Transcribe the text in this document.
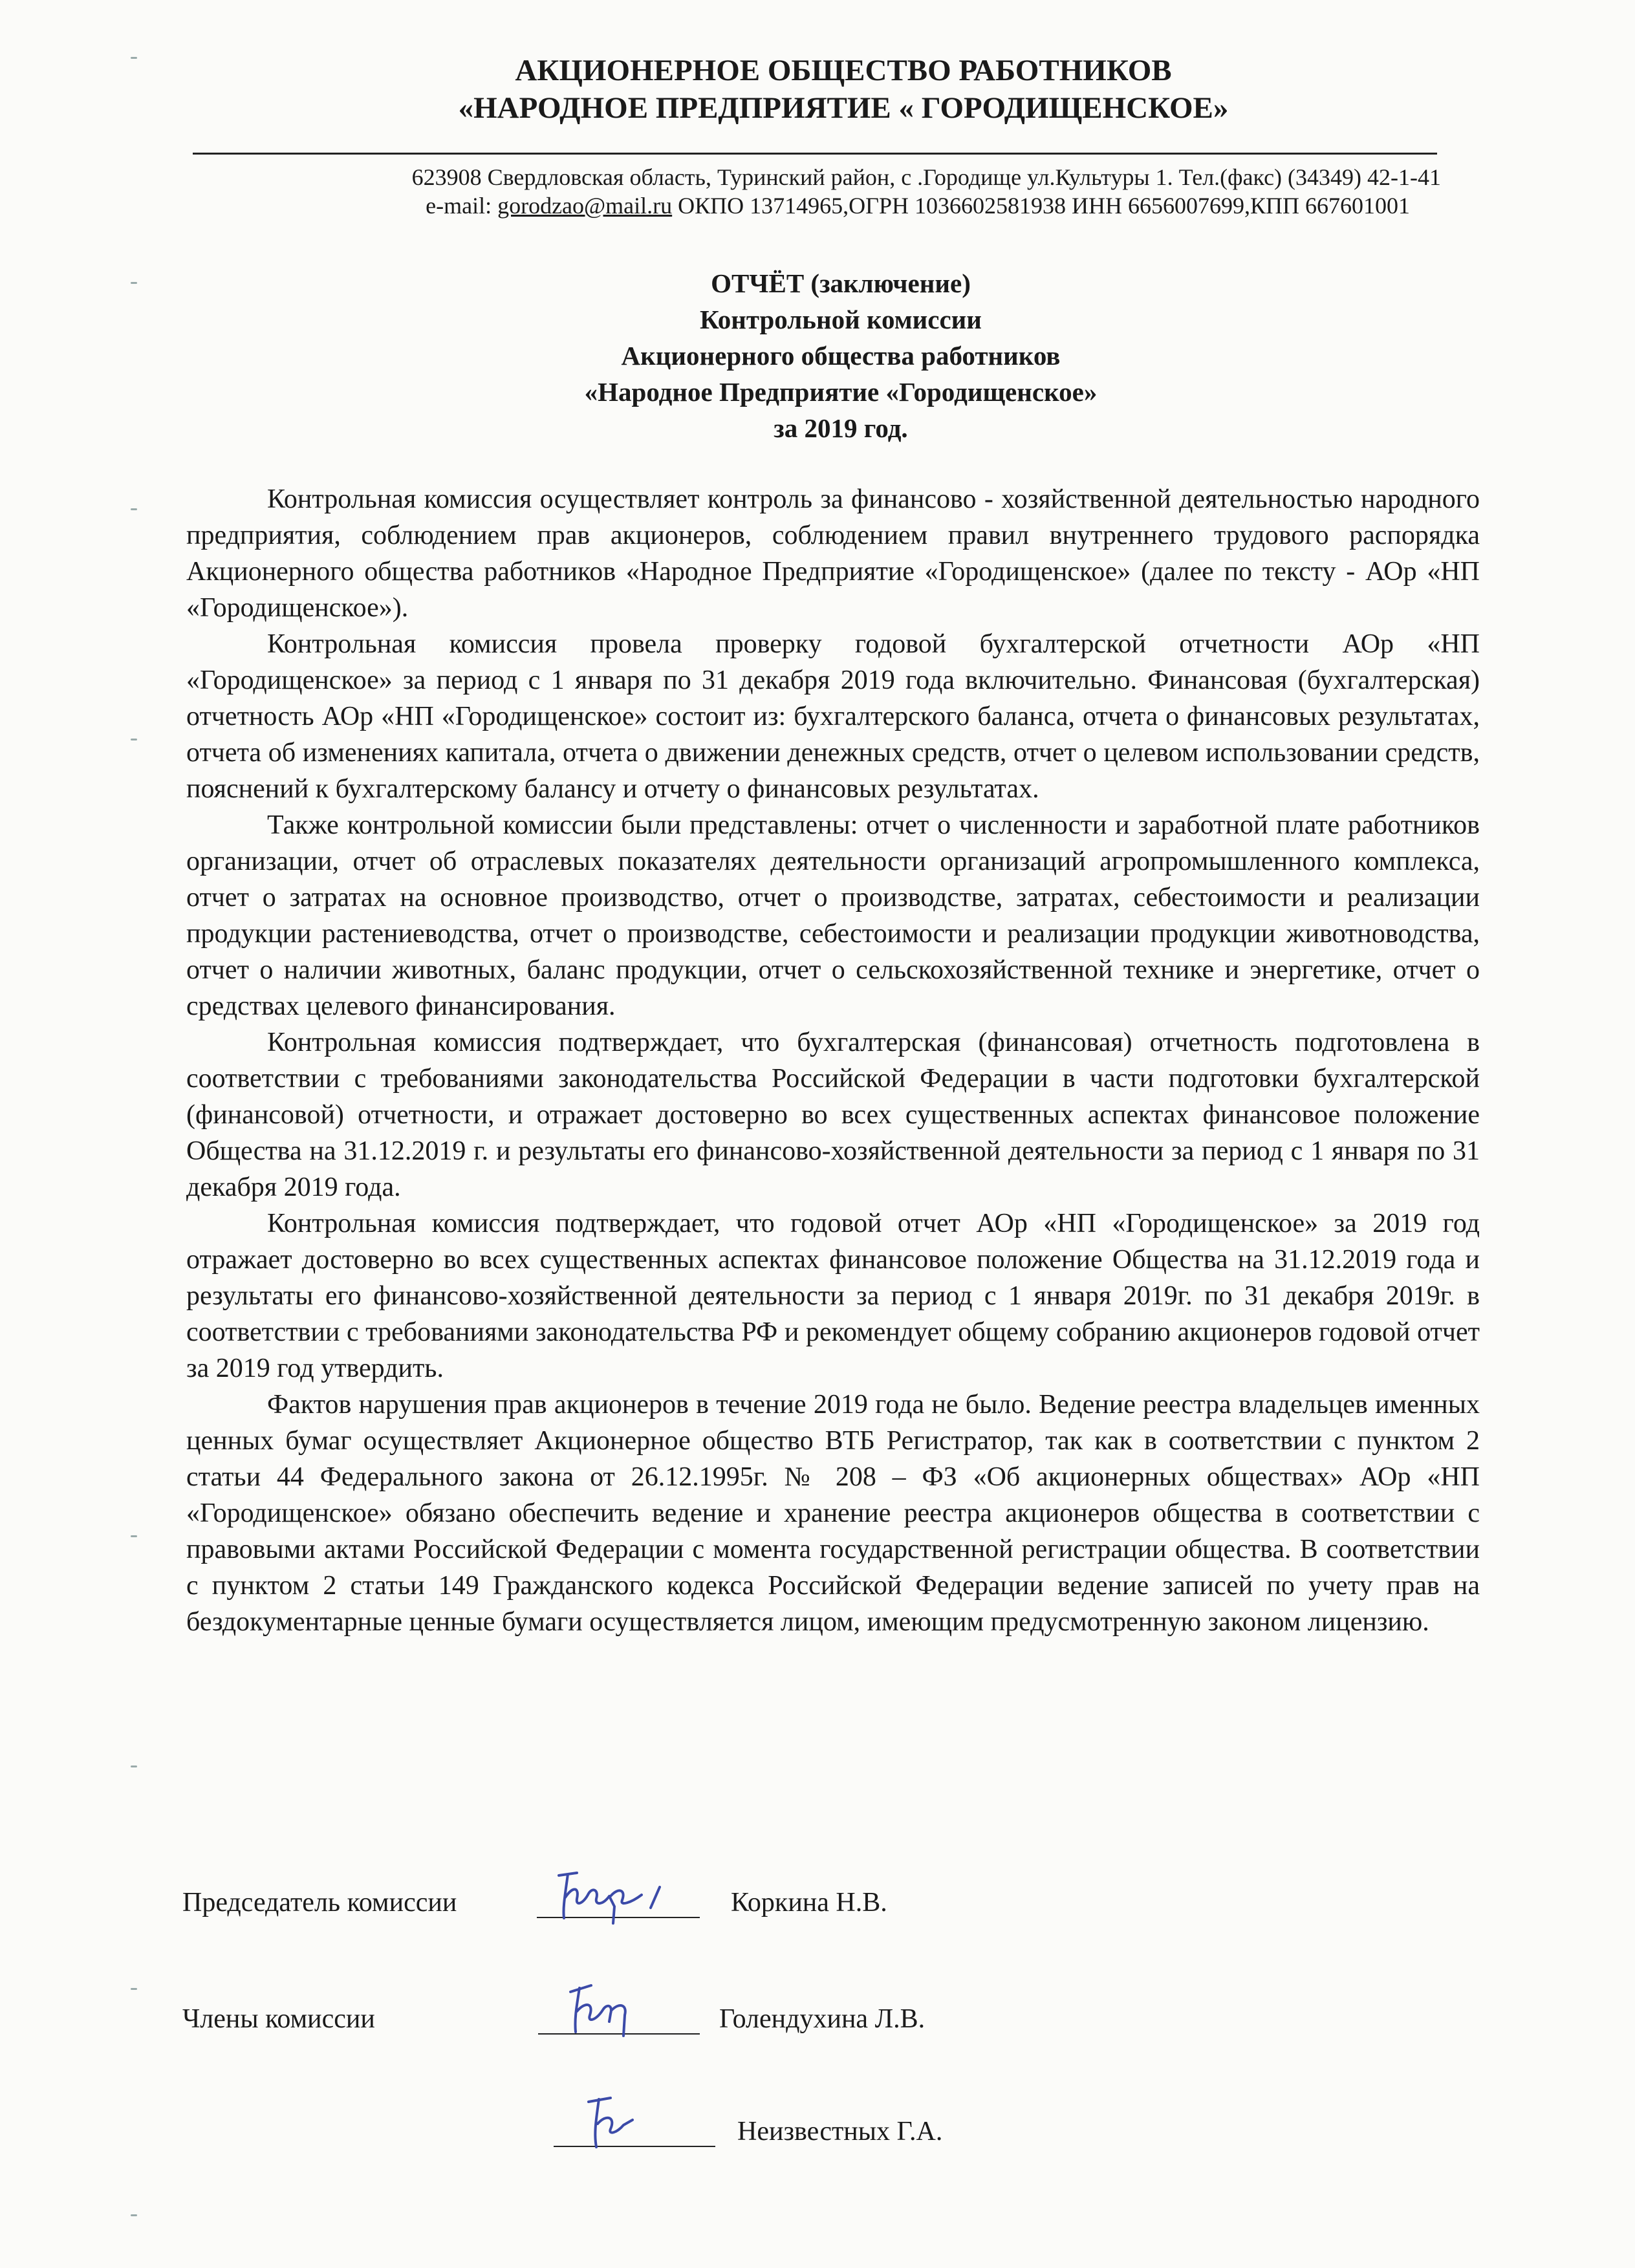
АКЦИОНЕРНОЕ ОБЩЕСТВО РАБОТНИКОВ
«НАРОДНОЕ ПРЕДПРИЯТИЕ « ГОРОДИЩЕНСКОЕ»
623908 Свердловская область, Туринский район, с .Городище ул.Культуры 1. Тел.(факс) (34349) 42-1-41
e-mail: gorodzao@mail.ru ОКПО 13714965,ОГРН 1036602581938 ИНН 6656007699,КПП 667601001
ОТЧЁТ (заключение)
Контрольной комиссии
Акционерного общества работников
«Народное Предприятие «Городищенское»
за 2019 год.

Контрольная комиссия осуществляет контроль за финансово - хозяйственной деятельностью народного предприятия, соблюдением прав акционеров, соблюдением правил внутреннего трудового распорядка Акционерного общества работников «Народное Предприятие «Городищенское» (далее по тексту - АОр «НП «Городищенское»).

Контрольная комиссия провела проверку годовой бухгалтерской отчетности АОр «НП «Городищенское» за период с 1 января по 31 декабря 2019 года включительно. Финансовая (бухгалтерская) отчетность АОр «НП «Городищенское» состоит из: бухгалтерского баланса, отчета о финансовых результатах, отчета об изменениях капитала, отчета о движении денежных средств, отчет о целевом использовании средств, пояснений к бухгалтерскому балансу и отчету о финансовых результатах.

Также контрольной комиссии были представлены: отчет о численности и заработной плате работников организации, отчет об отраслевых показателях деятельности организаций агропромышленного комплекса, отчет о затратах на основное производство, отчет о производстве, затратах, себестоимости и реализации продукции растениеводства, отчет о производстве, себестоимости и реализации продукции животноводства, отчет о наличии животных, баланс продукции, отчет о сельскохозяйственной технике и энергетике, отчет о средствах целевого финансирования.

Контрольная комиссия подтверждает, что бухгалтерская (финансовая) отчетность подготовлена в соответствии с требованиями законодательства Российской Федерации в части подготовки бухгалтерской (финансовой) отчетности, и отражает достоверно во всех существенных аспектах финансовое положение Общества на 31.12.2019 г. и результаты его финансово-хозяйственной деятельности за период с 1 января по 31 декабря 2019 года.

Контрольная комиссия подтверждает, что годовой отчет АОр «НП «Городищенское» за 2019 год отражает достоверно во всех существенных аспектах финансовое положение Общества на 31.12.2019 года и результаты его финансово-хозяйственной деятельности за период с 1 января 2019г. по 31 декабря 2019г. в соответствии с требованиями законодательства РФ и рекомендует общему собранию акционеров годовой отчет за 2019 год утвердить.

Фактов нарушения прав акционеров в течение 2019 года не было. Ведение реестра владельцев именных ценных бумаг осуществляет Акционерное общество ВТБ Регистратор, так как в соответствии с пунктом 2 статьи 44 Федерального закона от 26.12.1995г. № 208 – ФЗ «Об акционерных обществах» АОр «НП «Городищенское» обязано обеспечить ведение и хранение реестра акционеров общества в соответствии с правовыми актами Российской Федерации с момента государственной регистрации общества. В соответствии с пунктом 2 статьи 149 Гражданского кодекса Российской Федерации ведение записей по учету прав на бездокументарные ценные бумаги осуществляется лицом, имеющим предусмотренную законом лицензию.

Председатель комиссии	Коркина Н.В.
Члены комиссии	Голендухина Л.В.
Неизвестных Г.А.
